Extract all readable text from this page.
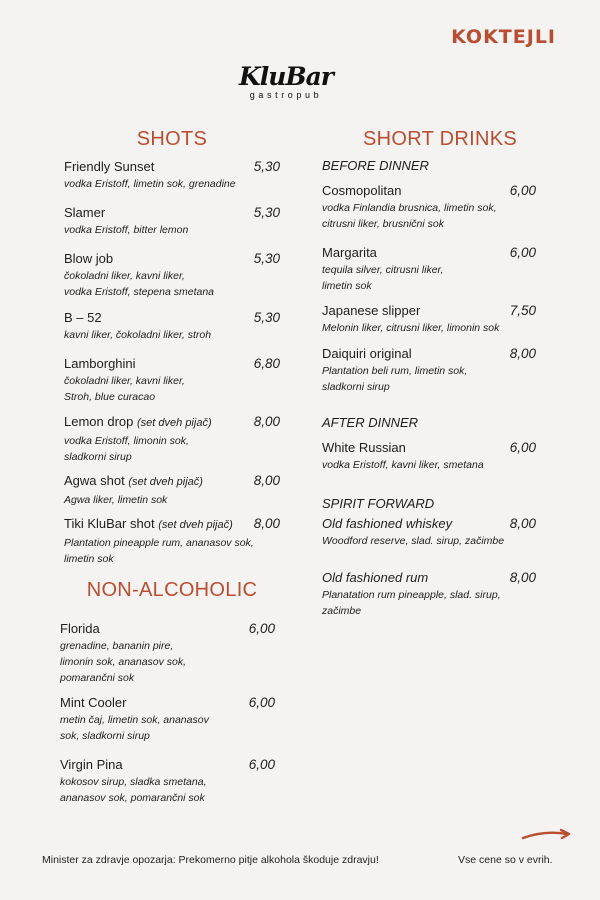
KOKTEJLI
KluBar
gastropub
SHOTS
Friendly Sunset	5,30
vodka Eristoff, limetin sok, grenadine
Slamer	5,30
vodka Eristoff, bitter lemon
Blow job	5,30
čokoladni liker, kavni liker,
vodka Eristoff, stepena smetana
B – 52	5,30
kavni liker, čokoladni liker, stroh
Lamborghini	6,80
čokoladni liker, kavni liker,
Stroh, blue curacao
Lemon drop (set dveh pijač)	8,00
vodka Eristoff, limonin sok,
sladkorni sirup
Agwa shot (set dveh pijač)	8,00
Agwa liker, limetin sok
Tiki KluBar shot (set dveh pijač) 8,00
Plantation pineapple rum, ananasov sok,
limetin sok
NON-ALCOHOLIC
Florida	6,00
grenadine, bananin pire,
limonin sok, ananasov sok,
pomarančni sok
Mint Cooler	6,00
metin čaj, limetin sok, ananasov
sok, sladkorni sirup
Virgin Pina	6,00
kokosov sirup, sladka smetana,
ananasov sok, pomarančni sok
SHORT DRINKS
BEFORE DINNER
Cosmopolitan	6,00
vodka Finlandia brusnica, limetin sok,
citrusni liker, brusnični sok
Margarita	6,00
tequila silver, citrusni liker,
limetin sok
Japanese slipper	7,50
Melonin liker, citrusni liker, limonin sok
Daiquiri original	8,00
Plantation beli rum, limetin sok,
sladkorni sirup
AFTER DINNER
White Russian	6,00
vodka Eristoff, kavni liker, smetana
SPIRIT FORWARD
Old fashioned whiskey	8,00
Woodford reserve, slad. sirup, začimbe
Old fashioned rum	8,00
Planatation rum pineapple, slad. sirup,
začimbe
Minister za zdravje opozarja: Prekomerno pitje alkohola škoduje zdravju!	Vse cene so v evrih.
